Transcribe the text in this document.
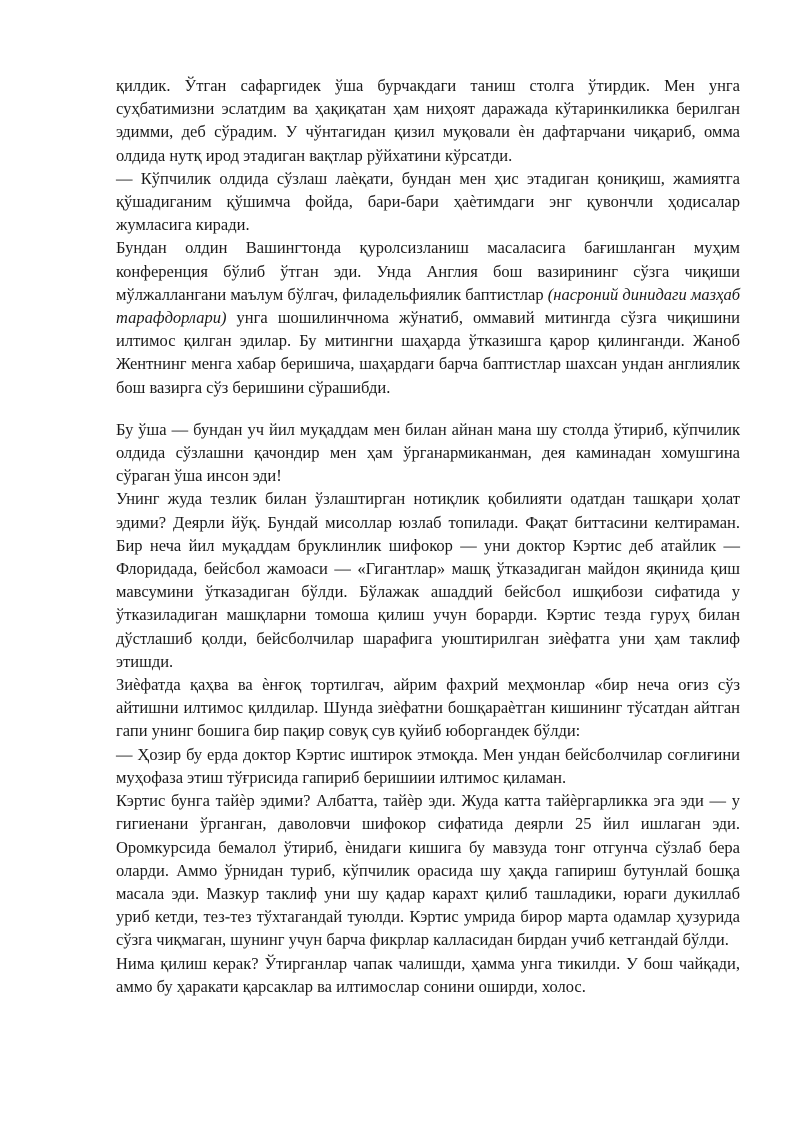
қилдик. Ўтган сафаргидек ўша бурчакдаги таниш столга ўтирдик. Мен унга суҳбатимизни эслатдим ва ҳақиқатан ҳам ниҳоят даражада кўтаринкиликка берилган эдимми, деб сўрадим. У чўнтагидан қизил муқовали ѐн дафтарчани чиқариб, омма олдида нутқ ирод этадиган вақтлар рўйхатини кўрсатди.

— Кўпчилик олдида сўзлаш лаѐқати, бундан мен ҳис этадиган қониқиш, жамиятга қўшадиганим қўшимча фойда, бари-бари ҳаѐтимдаги энг қувончли ҳодисалар жумласига киради.

Бундан олдин Вашингтонда қуролсизланиш масаласига бағишланган муҳим конференция бўлиб ўтган эди. Унда Англия бош вазирининг сўзга чиқиши мўлжаллангани маълум бўлгач, филадельфиялик баптистлар (насроний динидаги мазҳаб тарафдорлари) унга шошилинчнома жўнатиб, оммавий митингда сўзга чиқишини илтимос қилган эдилар. Бу митингни шаҳарда ўтказишга қарор қилинганди. Жаноб Жентнинг менга хабар беришича, шаҳардаги барча баптистлар шахсан ундан англиялик бош вазирга сўз беришини сўрашибди.

Бу ўша — бундан уч йил муқаддам мен билан айнан мана шу столда ўтириб, кўпчилик олдида сўзлашни қачондир мен ҳам ўрганармиканман, дея каминадан хомушгина сўраган ўша инсон эди!

Унинг жуда тезлик билан ўзлаштирган нотиқлик қобилияти одатдан ташқари ҳолат эдими? Деярли йўқ. Бундай мисоллар юзлаб топилади. Фақат биттасини келтираман. Бир неча йил муқаддам бруклинлик шифокор — уни доктор Кэртис деб атайлик — Флоридада, бейсбол жамоаси — «Гигантлар» машқ ўтказадиган майдон яқинида қиш мавсумини ўтказадиган бўлди. Бўлажак ашаддий бейсбол ишқибози сифатида у ўтказиладиган машқларни томоша қилиш учун борарди. Кэртис тезда гуруҳ билан дўстлашиб қолди, бейсболчилар шарафига уюштирилган зиѐфатга уни ҳам таклиф этишди.

Зиѐфатда қаҳва ва ѐнғоқ тортилгач, айрим фахрий меҳмонлар «бир неча оғиз сўз айтишни илтимос қилдилар. Шунда зиѐфатни бошқараѐтган кишининг тўсатдан айтган гапи унинг бошига бир пақир совуқ сув қуйиб юборгандек бўлди:

— Ҳозир бу ерда доктор Кэртис иштирок этмоқда. Мен ундан бейсболчилар соғлиғини муҳофаза этиш тўғрисида гапириб беришиии илтимос қиламан.

Кэртис бунга тайѐр эдими? Албатта, тайѐр эди. Жуда катта тайѐргарликка эга эди — у гигиенани ўрганган, даволовчи шифокор сифатида деярли 25 йил ишлаган эди. Оромкурсида бемалол ўтириб, ѐнидаги кишига бу мавзуда тонг отгунча сўзлаб бера оларди. Аммо ўрнидан туриб, кўпчилик орасида шу ҳақда гапириш бутунлай бошқа масала эди. Мазкур таклиф уни шу қадар карахт қилиб ташладики, юраги дукиллаб уриб кетди, тез-тез тўхтагандай туюлди. Кэртис умрида бирор марта одамлар ҳузурида сўзга чиқмаган, шунинг учун барча фикрлар калласидан бирдан учиб кетгандай бўлди.

Нима қилиш керак? Ўтирганлар чапак чалишди, ҳамма унга тикилди. У бош чайқади, аммо бу ҳаракати қарсаклар ва илтимослар сонини оширди, холос.
